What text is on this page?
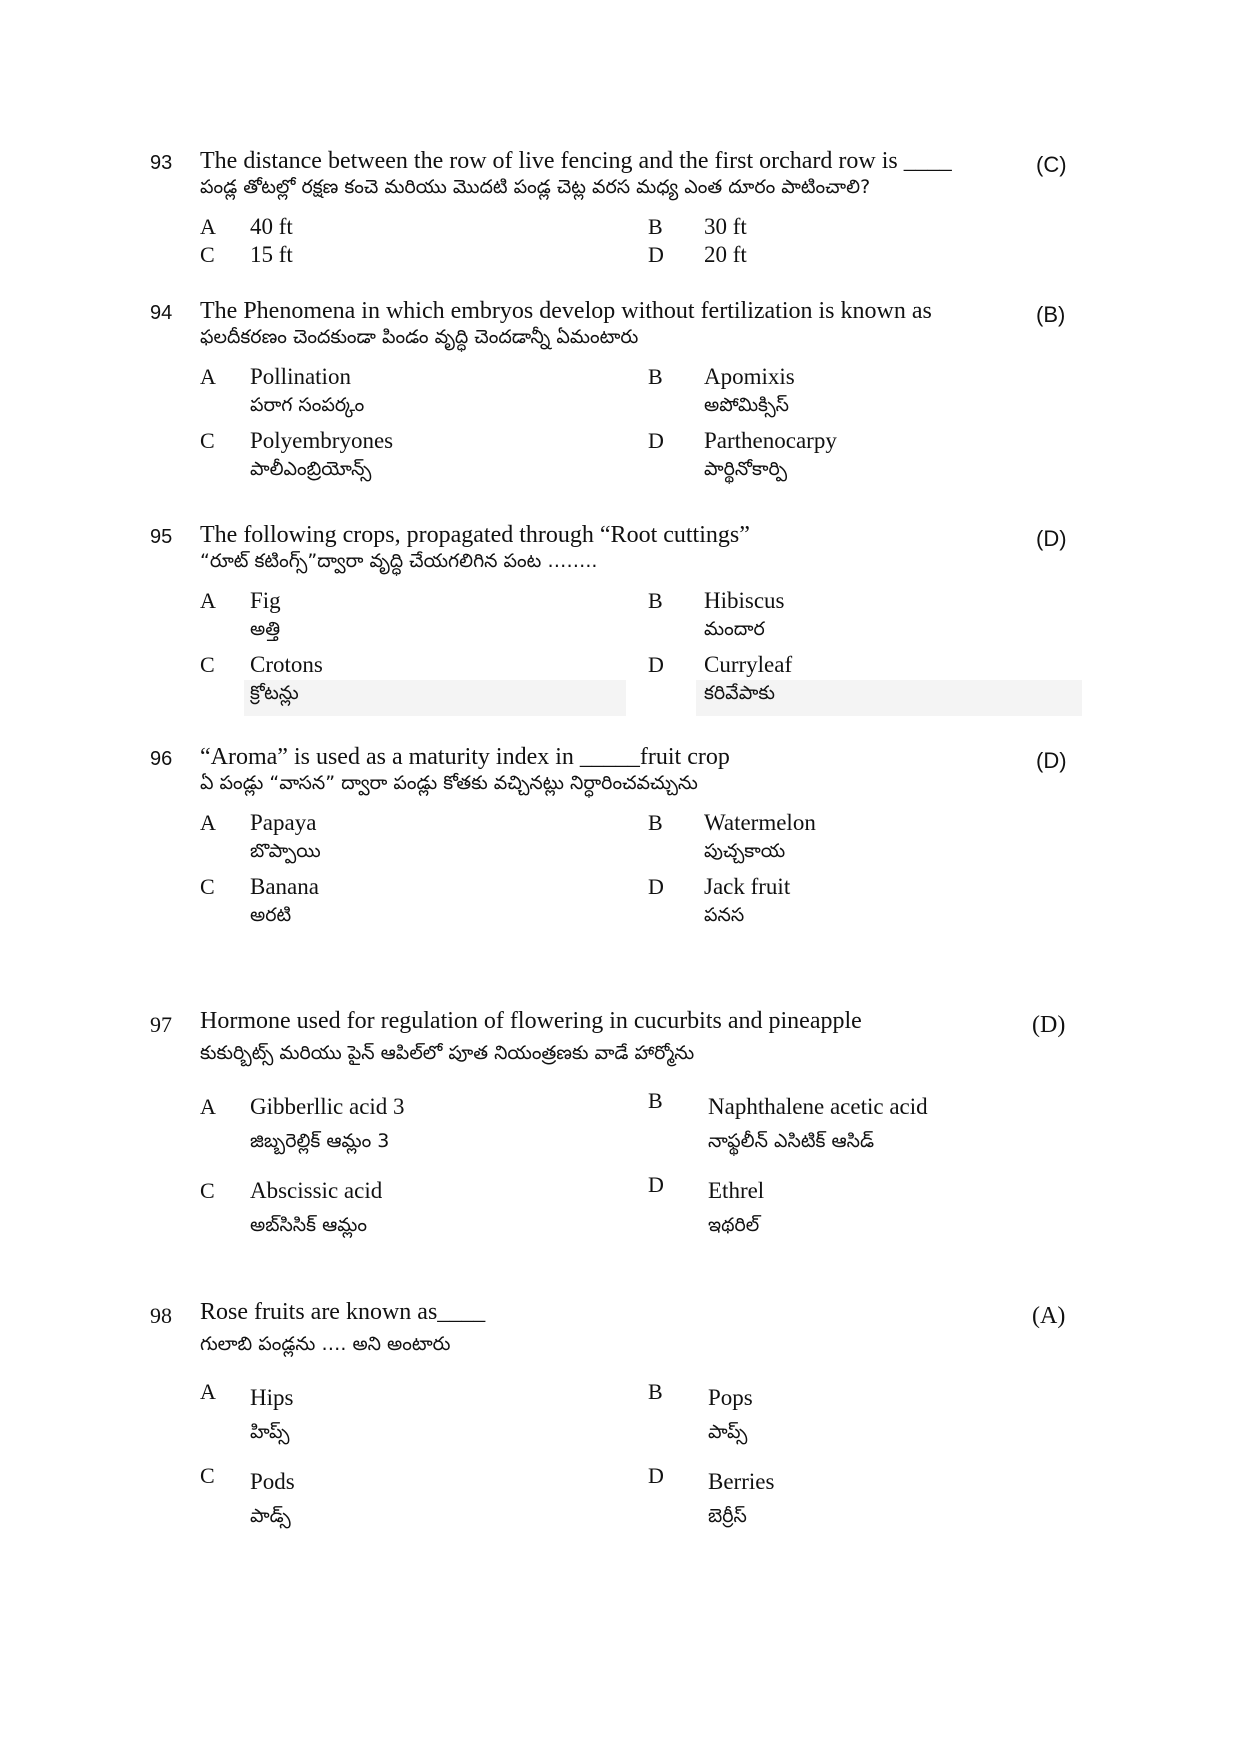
93 The distance between the row of live fencing and the first orchard row is ____
పండ్ల తోటల్లో రక్షణ కంచె మరియు మొదటి పండ్ల చెట్ల వరస మధ్య ఎంత దూరం పాటించాలి?
(C)
A 40 ft	B 30 ft
C 15 ft	D 20 ft
94 The Phenomena in which embryos develop without fertilization is known as
ఫలదీకరణం చెందకుండా పిండం వృద్ధి చెందడాన్నీ ఏమంటారు
(B)
A Pollination
పరాగ సంపర్కం
B Apomixis
అపోమిక్సిస్
C Polyembryones
పాలీఎంబ్రియోన్స్
D Parthenocarpy
పార్థినోకార్పి
95 The following crops, propagated through “Root cuttings”
“రూట్ కటింగ్స్”ద్వారా వృద్ధి చేయగలిగిన పంట ……..
(D)
A Fig
అత్తి
B Hibiscus
మందార
C Crotons
క్రోటన్లు
D Curryleaf
కరివేపాకు
96 “Aroma” is used as a maturity index in _____fruit crop
ఏ పండ్లు “వాసన” ద్వారా పండ్లు కోతకు వచ్చినట్లు నిర్ధారించవచ్చును
(D)
A Papaya
బొప్పాయి
B Watermelon
పుచ్చకాయ
C Banana
అరటి
D Jack fruit
పనస
97 Hormone used for regulation of flowering in cucurbits and pineapple
కుకుర్బిట్స్ మరియు పైన్ ఆపిల్‌లో పూత నియంత్రణకు వాడే హార్మోను
(D)
A Gibberllic acid 3
జిబ్బరెల్లిక్ ఆమ్లం 3
B Naphthalene acetic acid
నాఫ్థలీన్ ఎసిటిక్ ఆసిడ్
C Abscissic acid
అబ్‌సిసిక్ ఆమ్లం
D Ethrel
ఇథరిల్
98 Rose fruits are known as____
గులాబి పండ్లను …. అని అంటారు
(A)
A Hips
హిప్స్
B Pops
పాప్స్
C Pods
పాడ్స్
D Berries
బెర్రీస్
